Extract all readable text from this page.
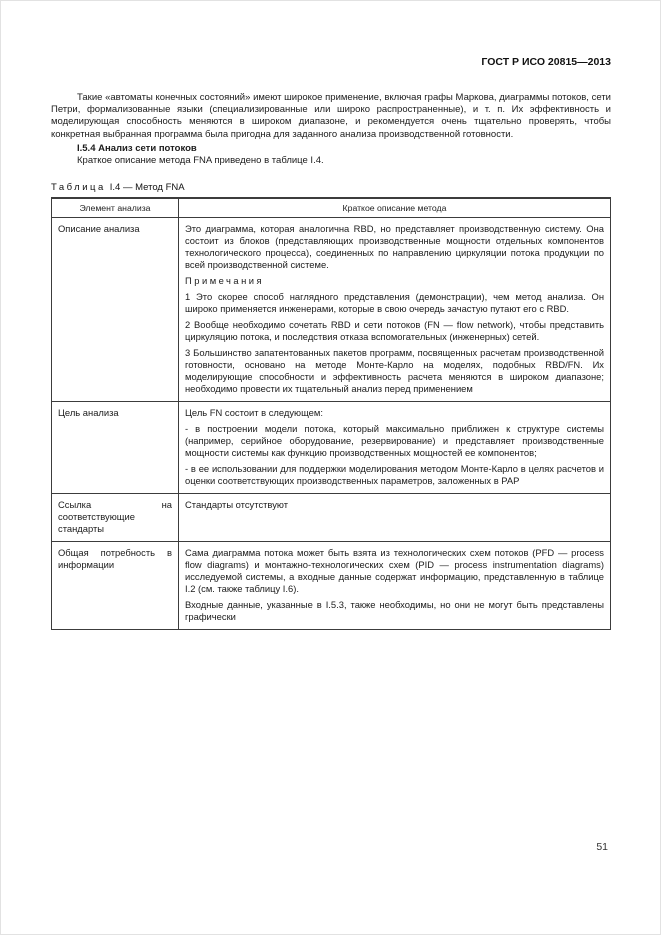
ГОСТ Р ИСО 20815—2013

Такие «автоматы конечных состояний» имеют широкое применение, включая графы Маркова, диаграммы потоков, сети Петри, формализованные языки (специализированные или широко распространенные), и т. п. Их эффективность и моделирующая способность меняются в широком диапазоне, и рекомендуется очень тщательно проверять, чтобы конкретная выбранная программа была пригодна для заданного анализа производственной готовности.

I.5.4 Анализ сети потоков

Краткое описание метода FNA приведено в таблице I.4.

Таблица I.4 — Метод FNA

Элемент анализа	Краткое описание метода
Описание анализа	Это диаграмма, которая аналогична RBD, но представляет производственную систему. Она состоит из блоков (представляющих производственные мощности отдельных компонентов технологического процесса), соединенных по направлению циркуляции потока продукции по всей производственной системе.

Примечания

1 Это скорее способ наглядного представления (демонстрации), чем метод анализа. Он широко применяется инженерами, которые в свою очередь зачастую путают его с RBD.

2 Вообще необходимо сочетать RBD и сети потоков (FN — flow network), чтобы представить циркуляцию потока, и последствия отказа вспомогательных (инженерных) сетей.

3 Большинство запатентованных пакетов программ, посвященных расчетам производственной готовности, основано на методе Монте-Карло на моделях, подобных RBD/FN. Их моделирующие способности и эффективность расчета меняются в широком диапазоне; необходимо провести их тщательный анализ перед применением

Цель анализа	Цель FN состоит в следующем:

- в построении модели потока, который максимально приближен к структуре системы (например, серийное оборудование, резервирование) и представляет производственные мощности системы как функцию производственных мощностей ее компонентов;

- в ее использовании для поддержки моделирования методом Монте-Карло в целях расчетов и оценки соответствующих производственных параметров, заложенных в PAP

Ссылка на соответствующие стандарты	Стандарты отсутствуют

Общая потребность в информации	Сама диаграмма потока может быть взята из технологических схем потоков (PFD — process flow diagrams) и монтажно-технологических схем (PID — process instrumentation diagrams) исследуемой системы, а входные данные содержат информацию, представленную в таблице I.2 (см. также таблицу I.6).

Входные данные, указанные в I.5.3, также необходимы, но они не могут быть представлены графически

51
